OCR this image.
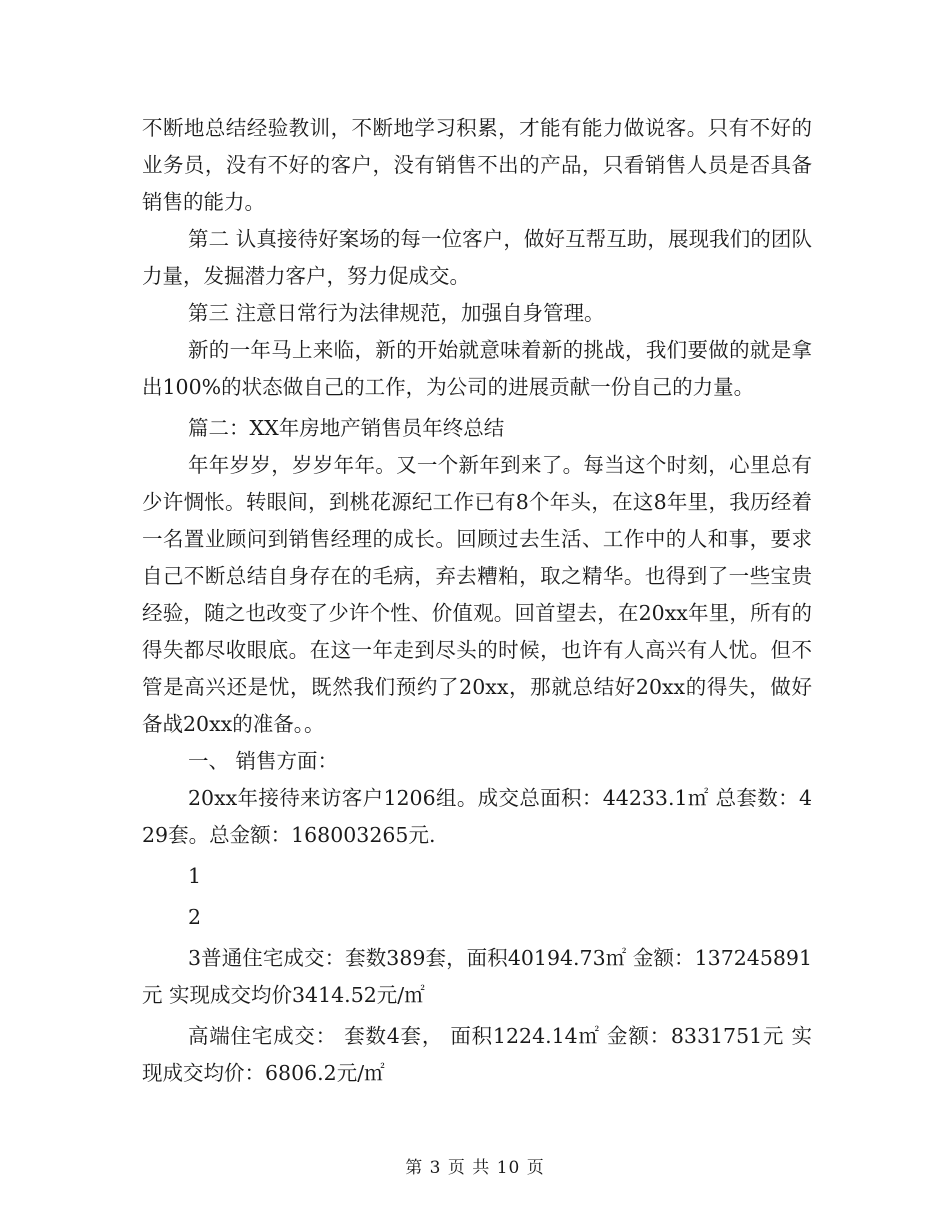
不断地总结经验教训，不断地学习积累，才能有能力做说客。只有不好的业务员，没有不好的客户，没有销售不出的产品，只看销售人员是否具备销售的能力。

第二 认真接待好案场的每一位客户，做好互帮互助，展现我们的团队力量，发掘潜力客户，努力促成交。

第三 注意日常行为法律规范，加强自身管理。

新的一年马上来临，新的开始就意味着新的挑战，我们要做的就是拿出100%的状态做自己的工作，为公司的进展贡献一份自己的力量。

篇二：XX年房地产销售员年终总结

年年岁岁，岁岁年年。又一个新年到来了。每当这个时刻，心里总有少许惆怅。转眼间，到桃花源纪工作已有8个年头，在这8年里，我历经着一名置业顾问到销售经理的成长。回顾过去生活、工作中的人和事，要求自己不断总结自身存在的毛病，弃去糟粕，取之精华。也得到了一些宝贵经验，随之也改变了少许个性、价值观。回首望去，在20xx年里，所有的得失都尽收眼底。在这一年走到尽头的时候，也许有人高兴有人忧。但不管是高兴还是忧，既然我们预约了20xx，那就总结好20xx的得失，做好备战20xx的准备。。

一、 销售方面：

20xx年接待来访客户1206组。成交总面积：44233.1㎡ 总套数：429套。总金额：168003265元.

1

2

3普通住宅成交：套数389套，面积40194.73㎡ 金额：137245891元 实现成交均价3414.52元/㎡

高端住宅成交： 套数4套， 面积1224.14㎡ 金额：8331751元 实现成交均价：6806.2元/㎡

第 3 页 共 10 页
